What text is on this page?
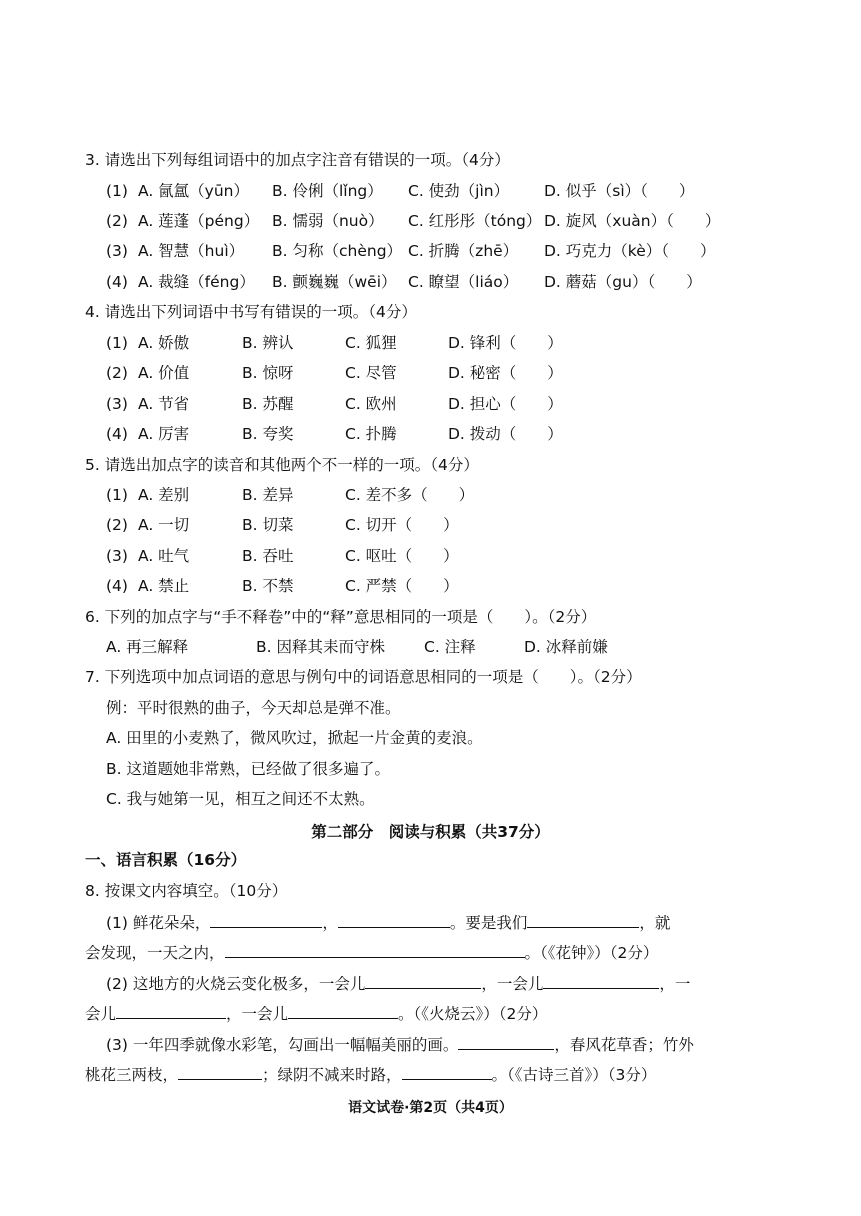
3. 请选出下列每组词语中的加点字注音有错误的一项。（4分）
(1) A. 氤氲（yūn） B. 伶俐（lǐng） C. 使劲（jìn） D. 似乎（sì）（　　）
(2) A. 莲蓬（péng） B. 懦弱（nuò） C. 红彤彤（tóng） D. 旋风（xuàn）（　　）
(3) A. 智慧（huì） B. 匀称（chèng） C. 折腾（zhē） D. 巧克力（kè）（　　）
(4) A. 裁缝（féng） B. 颤巍巍（wēi） C. 瞭望（liáo） D. 蘑菇（gu）（　　）
4. 请选出下列词语中书写有错误的一项。（4分）
(1) A. 娇傲	B. 辨认	C. 狐狸	D. 锋利（　　）
(2) A. 价值	B. 惊呀	C. 尽管	D. 秘密（　　）
(3) A. 节省	B. 苏醒	C. 欧州	D. 担心（　　）
(4) A. 厉害	B. 夸奖	C. 扑腾	D. 拨动（　　）
5. 请选出加点字的读音和其他两个不一样的一项。（4分）
(1) A. 差别	B. 差异	C. 差不多（　　）
(2) A. 一切	B. 切菜	C. 切开（　　）
(3) A. 吐气	B. 吞吐	C. 呕吐（　　）
(4) A. 禁止	B. 不禁	C. 严禁（　　）
6. 下列的加点字与“手不释卷”中的“释”意思相同的一项是（　　）。（2分）
A. 再三解释	B. 因释其耒而守株	C. 注释	D. 冰释前嫌
7. 下列选项中加点词语的意思与例句中的词语意思相同的一项是（　　）。（2分）
例：平时很熟的曲子，今天却总是弹不准。
A. 田里的小麦熟了，微风吹过，掀起一片金黄的麦浪。
B. 这道题她非常熟，已经做了很多遍了。
C. 我与她第一见，相互之间还不太熟。
第二部分　阅读与积累（共37分）
一、语言积累（16分）
8. 按课文内容填空。（10分）
(1) 鲜花朵朵，	，	。要是我们	，就
会发现，一天之内，	。（《花钟》）（2分）
(2) 这地方的火烧云变化极多，一会儿	，一会儿	，一
会儿	，一会儿	。（《火烧云》）（2分）
(3) 一年四季就像水彩笔，勾画出一幅幅美丽的画。	，春风花草香；竹外
桃花三两枝，	；绿阴不减来时路，	。（《古诗三首》）（3分）
语文试卷·第2页（共4页）
